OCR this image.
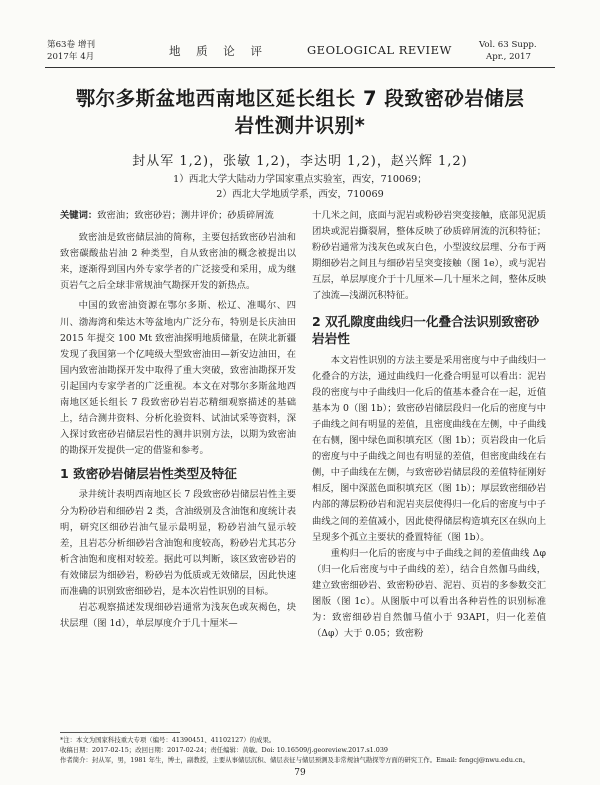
第63卷 增刊
2017年 4月	地 质 论 评	GEOLOGICAL REVIEW	Vol. 63 Supp.
Apr., 2017
鄂尔多斯盆地西南地区延长组长 7 段致密砂岩储层
岩性测井识别*
封从军 1,2)，张敏 1,2)，李达明 1,2)，赵兴辉 1,2)
1）西北大学大陆动力学国家重点实验室，西安，710069；
2）西北大学地质学系，西安，710069

关键词：致密油；致密砂岩；测井评价；砂质碎屑流

致密油是致密储层油的简称，主要包括致密砂岩油和致密碳酸盐岩油 2 种类型，自从致密油的概念被提出以来，逐渐得到国内外专家学者的广泛接受和采用，成为继页岩气之后全球非常规油气勘探开发的新热点。

中国的致密油资源在鄂尔多斯、松辽、准噶尔、四川、渤海湾和柴达木等盆地内广泛分布，特别是长庆油田 2015 年提交 100 Mt 致密油探明地质储量，在陕北新疆发现了我国第一个亿吨级大型致密油田—新安边油田，在国内致密油勘探开发中取得了重大突破，致密油勘探开发引起国内专家学者的广泛重视。本文在对鄂尔多斯盆地西南地区延长组长 7 段致密砂岩岩芯精细观察描述的基础上，结合测井资料、分析化验资料、试油试采等资料，深入探讨致密砂岩储层岩性的测井识别方法，以期为致密油的勘探开发提供一定的借鉴和参考。

1 致密砂岩储层岩性类型及特征

录井统计表明西南地区长 7 段致密砂岩储层岩性主要分为粉砂岩和细砂岩 2 类，含油级别及含油饱和度统计表明，研究区细砂岩油气显示最明显，粉砂岩油气显示较差，且岩芯分析细砂岩含油饱和度较高，粉砂岩尤其芯分析含油饱和度相对较差。据此可以判断，该区致密砂岩的有效储层为细砂岩，粉砂岩为低质或无效储层，因此快速而准确的识别致密细砂岩，是本次岩性识别的目标。

岩芯观察描述发现细砂岩通常为浅灰色或灰褐色，块状层理（图 1d），单层厚度介于几十厘米—

十几米之间，底面与泥岩或粉砂岩突变接触，底部见泥质团块或泥岩撕裂屑，整体反映了砂质碎屑流的沉积特征；粉砂岩通常为浅灰色或灰白色，小型波纹层理、分布于两期细砂岩之间且与细砂岩呈突变接触（图 1e），或与泥岩互层，单层厚度介于十几厘米—几十厘米之间，整体反映了浊流—浅湖沉积特征。

2 双孔隙度曲线归一化叠合法识别致密砂岩岩性

本文岩性识别的方法主要是采用密度与中子曲线归一化叠合的方法，通过曲线归一化叠合明显可以看出：泥岩段的密度与中子曲线归一化后的值基本叠合在一起，近值基本为 0（图 1b）；致密砂岩储层段归一化后的密度与中子曲线之间有明显的差值，且密度曲线在左侧，中子曲线在右侧，图中绿色面积填充区（图 1b）；页岩段由一化后的密度与中子曲线之间也有明显的差值，但密度曲线在右侧，中子曲线在左侧，与致密砂岩储层段的差值特征刚好相反，图中深蓝色面积填充区（图 1b）；厚层致密细砂岩内部的薄层粉砂岩和泥岩夹层使得归一化后的密度与中子曲线之间的差值减小，因此使得储层构造填充区在纵向上呈现多个孤立主要状的叠置特征（图 1b）。

重构归一化后的密度与中子曲线之间的差值曲线 Δφ（归一化后密度与中子曲线的差），结合自然伽马曲线，建立致密细砂岩、致密粉砂岩、泥岩、页岩的多参数交汇图版（图 1c）。从图版中可以看出各种岩性的识别标准为：致密细砂岩自然伽马值小于 93API，归一化差值（Δφ）大于 0.05；致密粉

*注：本文为国家科技重大专项（编号：41390451、41102127）的成果。
收稿日期：2017-02-15；改回日期：2017-02-24；责任编辑：黄敏。Doi: 10.16509/j.georeview.2017.s1.039
作者简介：封从军，男，1981 年生，博士，副教授，主要从事储层沉积、储层表征与储层预测及非常规油气勘探等方面的研究工作。Email: fengcj@nwu.edu.cn。
79
